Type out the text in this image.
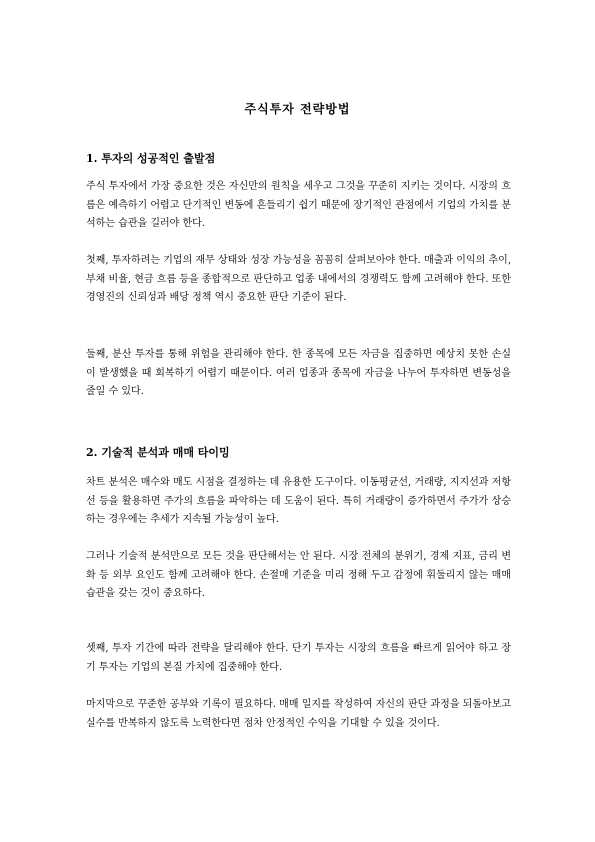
주식투자 전략방법
1. 투자의 성공적인 출발점

주식 투자에서 가장 중요한 것은 자신만의 원칙을 세우고 그것을 꾸준히 지키는 것이다. 시장의 흐름은 예측하기 어렵고 단기적인 변동에 흔들리기 쉽기 때문에 장기적인 관점에서 기업의 가치를 분석하는 습관을 길러야 한다.

첫째, 투자하려는 기업의 재무 상태와 성장 가능성을 꼼꼼히 살펴보아야 한다. 매출과 이익의 추이, 부채 비율, 현금 흐름 등을 종합적으로 판단하고 업종 내에서의 경쟁력도 함께 고려해야 한다. 또한 경영진의 신뢰성과 배당 정책 역시 중요한 판단 기준이 된다.

둘째, 분산 투자를 통해 위험을 관리해야 한다. 한 종목에 모든 자금을 집중하면 예상치 못한 손실이 발생했을 때 회복하기 어렵기 때문이다. 여러 업종과 종목에 자금을 나누어 투자하면 변동성을 줄일 수 있다.

2. 기술적 분석과 매매 타이밍

차트 분석은 매수와 매도 시점을 결정하는 데 유용한 도구이다. 이동평균선, 거래량, 지지선과 저항선 등을 활용하면 주가의 흐름을 파악하는 데 도움이 된다. 특히 거래량이 증가하면서 주가가 상승하는 경우에는 추세가 지속될 가능성이 높다.

그러나 기술적 분석만으로 모든 것을 판단해서는 안 된다. 시장 전체의 분위기, 경제 지표, 금리 변화 등 외부 요인도 함께 고려해야 한다. 손절매 기준을 미리 정해 두고 감정에 휘둘리지 않는 매매 습관을 갖는 것이 중요하다.

셋째, 투자 기간에 따라 전략을 달리해야 한다. 단기 투자는 시장의 흐름을 빠르게 읽어야 하고 장기 투자는 기업의 본질 가치에 집중해야 한다.

마지막으로 꾸준한 공부와 기록이 필요하다. 매매 일지를 작성하여 자신의 판단 과정을 되돌아보고 실수를 반복하지 않도록 노력한다면 점차 안정적인 수익을 기대할 수 있을 것이다.
